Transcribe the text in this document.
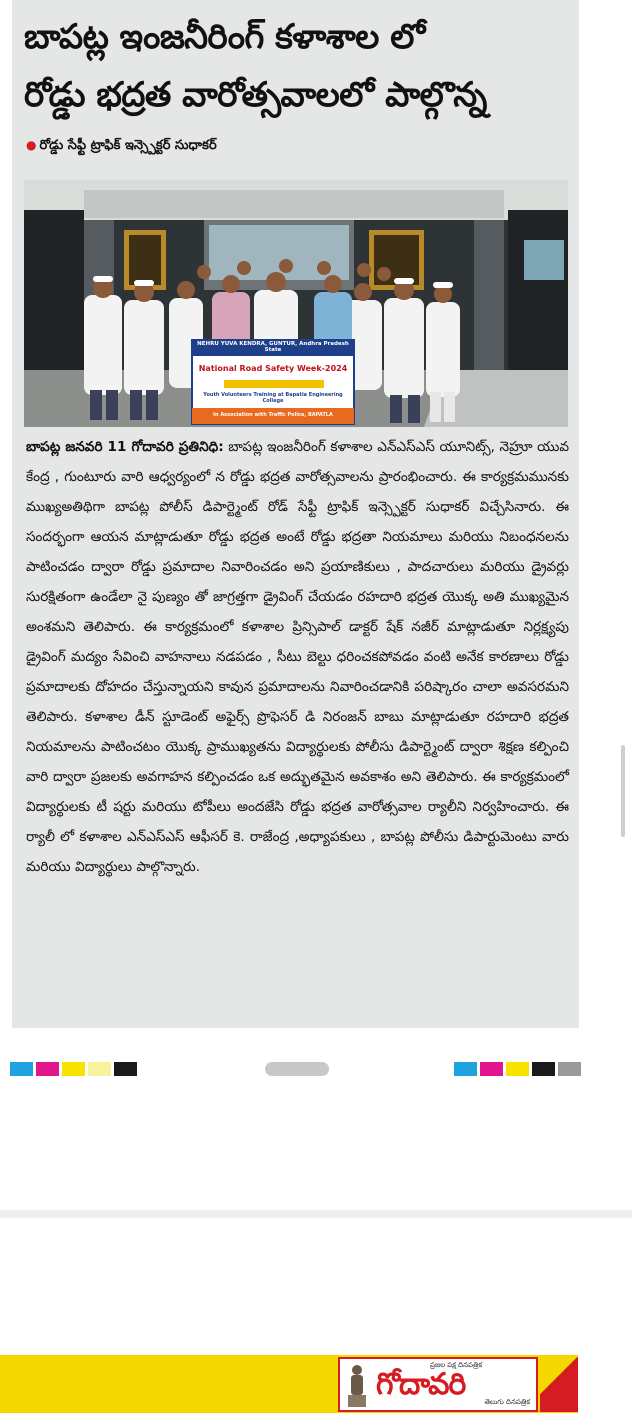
బాపట్ల ఇంజనీరింగ్ కళాశాల లో
రోడ్డు భద్రత వారోత్సవాలలో పాల్గొన్న
● రోడ్డు సేఫ్టీ ట్రాఫిక్ ఇన్స్పెక్టర్ సుధాకర్
NEHRU YUVA KENDRA, GUNTUR, Andhra Pradesh State
National Road Safety Week-2024
Youth Volunteers Training at Bapatla Engineering College
In Association with Traffic Police, BAPATLA

బాపట్ల జనవరి 11 గోదావరి ప్రతినిధి: బాపట్ల ఇంజనీరింగ్ కళాశాల ఎన్ఎస్ఎస్ యూనిట్స్, నెహ్రూ యువ కేంద్ర , గుంటూరు వారి ఆధ్వర్యంలో న రోడ్డు భద్రత వారోత్సవాలను ప్రారంభించారు. ఈ కార్యక్రమమునకు ముఖ్యఅతిథిగా బాపట్ల పోలీస్ డిపార్ట్మెంట్ రోడ్ సేఫ్టీ ట్రాఫిక్ ఇన్స్పెక్టర్ సుధాకర్ విచ్చేసినారు. ఈ సందర్భంగా ఆయన మాట్లాడుతూ రోడ్డు భద్రత అంటే రోడ్డు భద్రతా నియమాలు మరియు నిబంధనలను పాటించడం ద్వారా రోడ్డు ప్రమాదాల నివారించడం అని ప్రయాణికులు , పాదచారులు మరియు డ్రైవర్లు సురక్షితంగా ఉండేలా నై పుణ్యం తో జాగ్రత్తగా డ్రైవింగ్ చేయడం రహదారి భద్రత యొక్క అతి ముఖ్యమైన అంశమని తెలిపారు. ఈ కార్యక్రమంలో కళాశాల ప్రిన్సిపాల్ డాక్టర్ షేక్ నజీర్ మాట్లాడుతూ నిర్లక్ష్యపు డ్రైవింగ్ మద్యం సేవించి వాహనాలు నడపడం , సీటు బెల్టు ధరించకపోవడం వంటి అనేక కారణాలు రోడ్డు ప్రమాదాలకు దోహదం చేస్తున్నాయని కావున ప్రమాదాలను నివారించడానికి పరిష్కారం చాలా అవసరమని తెలిపారు. కళాశాల డీన్ స్టూడెంట్ అఫైర్స్ ప్రొఫెసర్ డి నిరంజన్ బాబు మాట్లాడుతూ రహదారి భద్రత నియమాలను పాటించటం యొక్క ప్రాముఖ్యతను విద్యార్థులకు పోలీసు డిపార్ట్మెంట్ ద్వారా శిక్షణ కల్పించి వారి ద్వారా ప్రజలకు అవగాహన కల్పించడం ఒక అద్భుతమైన అవకాశం అని తెలిపారు. ఈ కార్యక్రమంలో విద్యార్థులకు టీ షర్టు మరియు టోపీలు అందజేసి రోడ్డు భద్రత వారోత్సవాల ర్యాలీని నిర్వహించారు. ఈ ర్యాలీ లో కళాశాల ఎన్ఎస్ఎస్ ఆఫీసర్ కె. రాజేంద్ర ,అధ్యాపకులు , బాపట్ల పోలీసు డిపార్టుమెంటు వారు మరియు విద్యార్థులు పాల్గొన్నారు.

ప్రజల పక్ష దినపత్రిక
గోదావరి	తెలుగు దినపత్రిక
